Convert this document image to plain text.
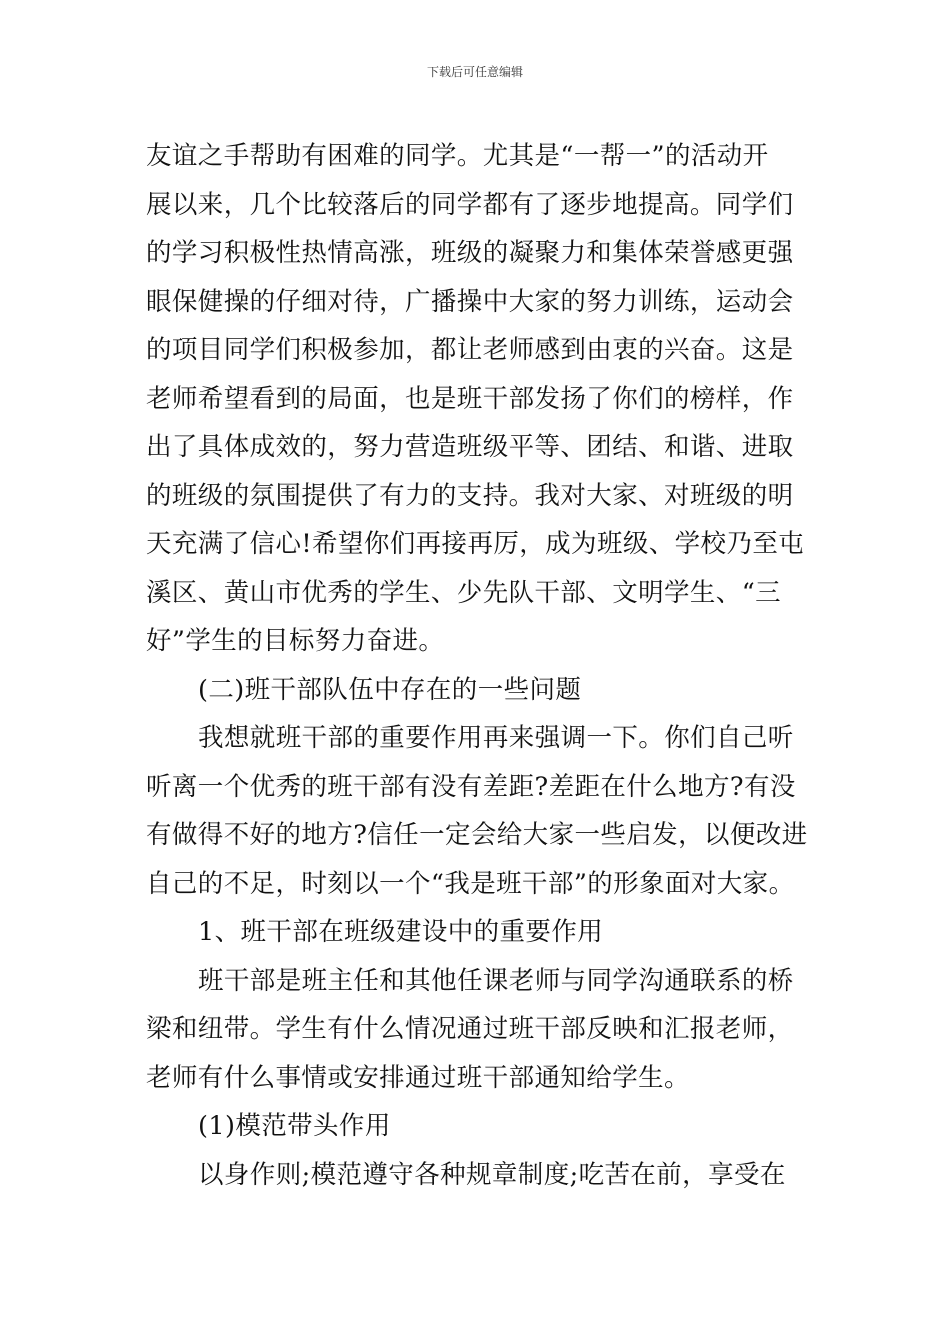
下载后可任意编辑
友谊之手帮助有困难的同学。尤其是“一帮一”的活动开
展以来，几个比较落后的同学都有了逐步地提高。同学们
的学习积极性热情高涨，班级的凝聚力和集体荣誉感更强
眼保健操的仔细对待，广播操中大家的努力训练，运动会
的项目同学们积极参加，都让老师感到由衷的兴奋。这是
老师希望看到的局面，也是班干部发扬了你们的榜样，作
出了具体成效的，努力营造班级平等、团结、和谐、进取
的班级的氛围提供了有力的支持。我对大家、对班级的明
天充满了信心!希望你们再接再厉，成为班级、学校乃至屯
溪区、黄山市优秀的学生、少先队干部、文明学生、“三
好”学生的目标努力奋进。
(二)班干部队伍中存在的一些问题
我想就班干部的重要作用再来强调一下。你们自己听
听离一个优秀的班干部有没有差距?差距在什么地方?有没
有做得不好的地方?信任一定会给大家一些启发，以便改进
自己的不足，时刻以一个“我是班干部”的形象面对大家。
1、班干部在班级建设中的重要作用
班干部是班主任和其他任课老师与同学沟通联系的桥
梁和纽带。学生有什么情况通过班干部反映和汇报老师，
老师有什么事情或安排通过班干部通知给学生。
(1)模范带头作用
以身作则;模范遵守各种规章制度;吃苦在前，享受在
